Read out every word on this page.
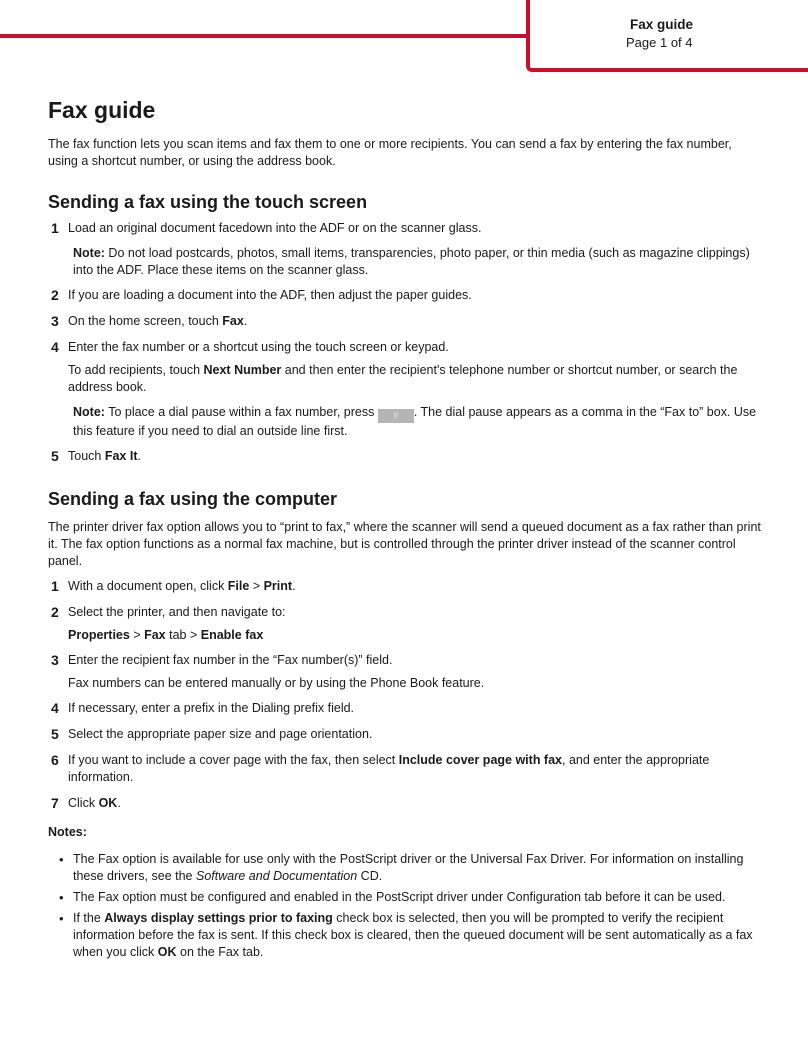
Fax guide
Page 1 of 4
Fax guide

The fax function lets you scan items and fax them to one or more recipients. You can send a fax by entering the fax number, using a shortcut number, or using the address book.

Sending a fax using the touch screen
1 Load an original document facedown into the ADF or on the scanner glass.
Note: Do not load postcards, photos, small items, transparencies, photo paper, or thin media (such as magazine clippings) into the ADF. Place these items on the scanner glass.
2 If you are loading a document into the ADF, then adjust the paper guides.
3 On the home screen, touch Fax.
4 Enter the fax number or a shortcut using the touch screen or keypad.
To add recipients, touch Next Number and then enter the recipient's telephone number or shortcut number, or search the address book.
Note: To place a dial pause within a fax number, press II . The dial pause appears as a comma in the “Fax to” box. Use this feature if you need to dial an outside line first.
5 Touch Fax It.
Sending a fax using the computer

The printer driver fax option allows you to “print to fax,” where the scanner will send a queued document as a fax rather than print it. The fax option functions as a normal fax machine, but is controlled through the printer driver instead of the scanner control panel.

1 With a document open, click File > Print.
2 Select the printer, and then navigate to:
Properties > Fax tab > Enable fax
3 Enter the recipient fax number in the “Fax number(s)” field.
Fax numbers can be entered manually or by using the Phone Book feature.
4 If necessary, enter a prefix in the Dialing prefix field.
5 Select the appropriate paper size and page orientation.
6 If you want to include a cover page with the fax, then select Include cover page with fax, and enter the appropriate information.
7 Click OK.
Notes:
• The Fax option is available for use only with the PostScript driver or the Universal Fax Driver. For information on installing these drivers, see the Software and Documentation CD.
• The Fax option must be configured and enabled in the PostScript driver under Configuration tab before it can be used.
• If the Always display settings prior to faxing check box is selected, then you will be prompted to verify the recipient information before the fax is sent. If this check box is cleared, then the queued document will be sent automatically as a fax when you click OK on the Fax tab.
